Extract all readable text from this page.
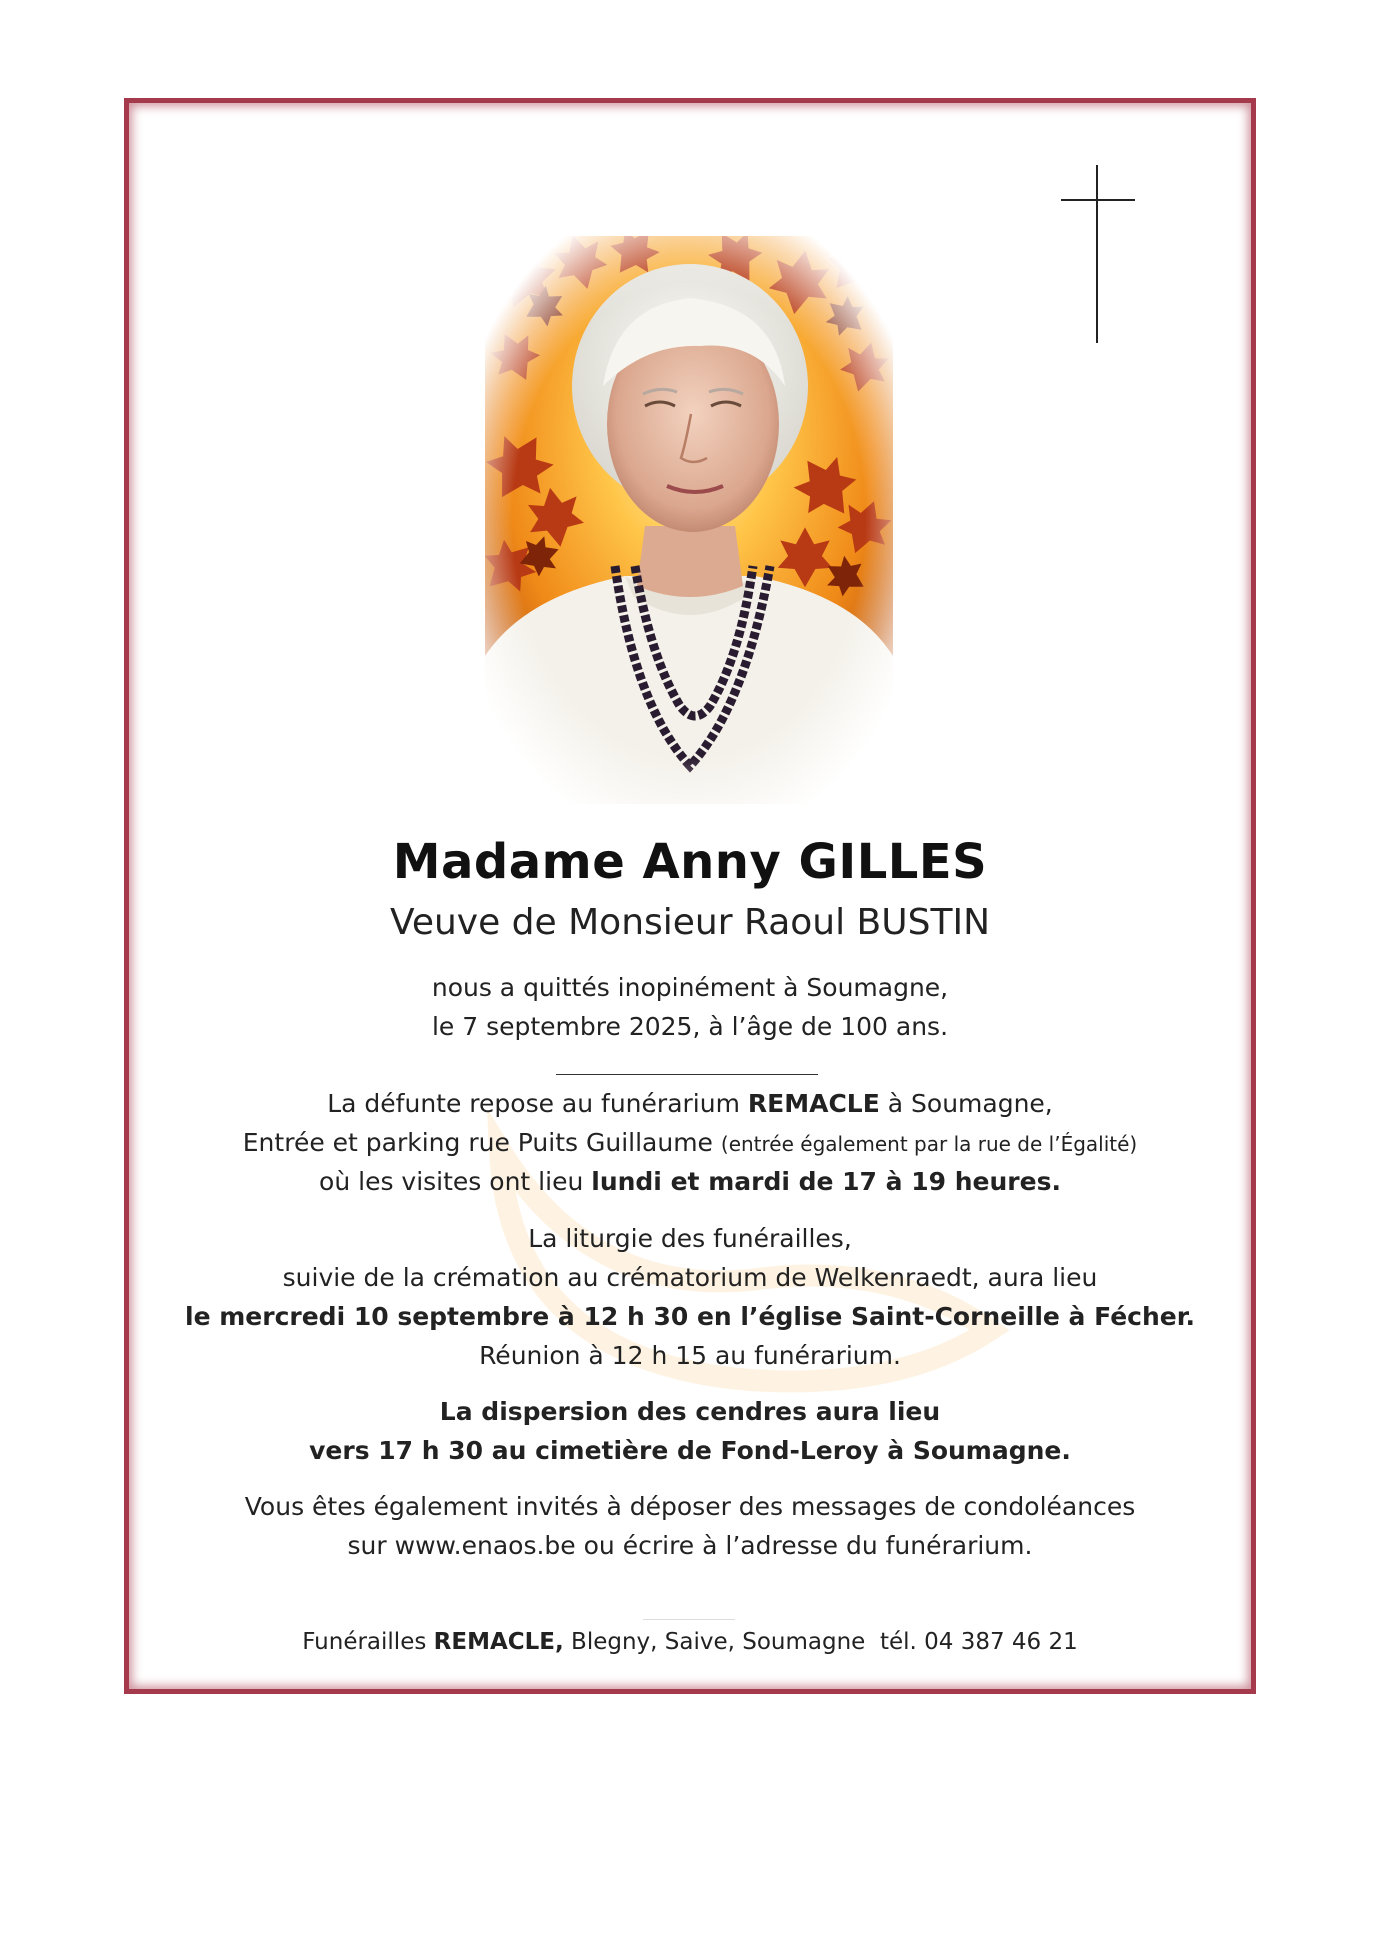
Madame Anny GILLES
Veuve de Monsieur Raoul BUSTIN
nous a quittés inopinément à Soumagne,
le 7 septembre 2025, à l’âge de 100 ans.
La défunte repose au funérarium REMACLE à Soumagne,
Entrée et parking rue Puits Guillaume (entrée également par la rue de l’Égalité)
où les visites ont lieu lundi et mardi de 17 à 19 heures.
La liturgie des funérailles,
suivie de la crémation au crématorium de Welkenraedt, aura lieu
le mercredi 10 septembre à 12 h 30 en l’église Saint-Corneille à Fécher.
Réunion à 12 h 15 au funérarium.
La dispersion des cendres aura lieu
vers 17 h 30 au cimetière de Fond-Leroy à Soumagne.
Vous êtes également invités à déposer des messages de condoléances
sur www.enaos.be ou écrire à l’adresse du funérarium.
Funérailles REMACLE, Blegny, Saive, Soumagne  tél. 04 387 46 21
